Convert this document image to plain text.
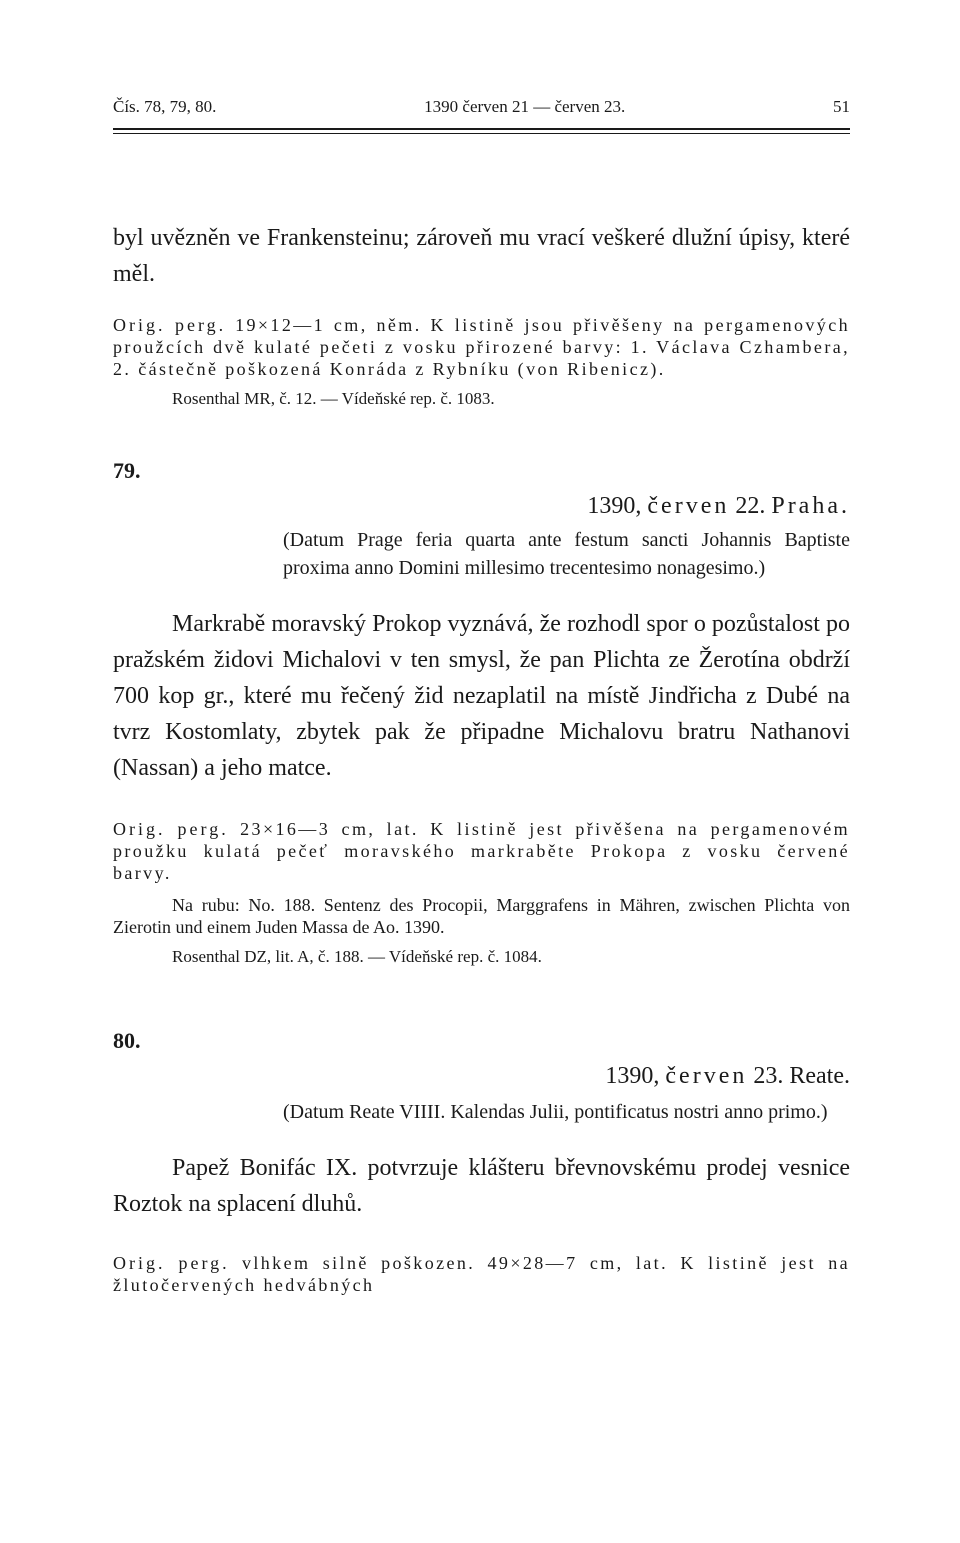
Čís. 78, 79, 80.	1390 červen 21 — červen 23.	51

byl uvězněn ve Frankensteinu; zároveň mu vrací veškeré dlužní úpisy, které měl.

Orig. perg. 19×12—1 cm, něm. K listině jsou přivěšeny na pergamenových proužcích dvě kulaté pečeti z vosku přirozené barvy: 1. Václava Czhambera, 2. částečně poškozená Konráda z Rybníku (von Ribenicz).

Rosenthal MR, č. 12. — Vídeňské rep. č. 1083.

79.

1390, červen 22. Praha.

(Datum Prage feria quarta ante festum sancti Johannis Baptiste proxima anno Domini millesimo trecentesimo nonagesimo.)

Markrabě moravský Prokop vyznává, že rozhodl spor o pozůstalost po pražském židovi Michalovi v ten smysl, že pan Plichta ze Žerotína obdrží 700 kop gr., které mu řečený žid nezaplatil na místě Jindřicha z Dubé na tvrz Kostomlaty, zbytek pak že připadne Michalovu bratru Nathanovi (Nassan) a jeho matce.

Orig. perg. 23×16—3 cm, lat. K listině jest přivěšena na pergamenovém proužku kulatá pečeť moravského markraběte Prokopa z vosku červené barvy.

Na rubu: No. 188. Sentenz des Procopii, Marggrafens in Mähren, zwischen Plichta von Zierotin und einem Juden Massa de Ao. 1390.

Rosenthal DZ, lit. A, č. 188. — Vídeňské rep. č. 1084.

80.

1390, červen 23. Reate.

(Datum Reate VIIII. Kalendas Julii, pontificatus nostri anno primo.)

Papež Bonifác IX. potvrzuje klášteru břevnovskému prodej vesnice Roztok na splacení dluhů.

Orig. perg. vlhkem silně poškozen. 49×28—7 cm, lat. K listině jest na žlutočervených hedvábných
